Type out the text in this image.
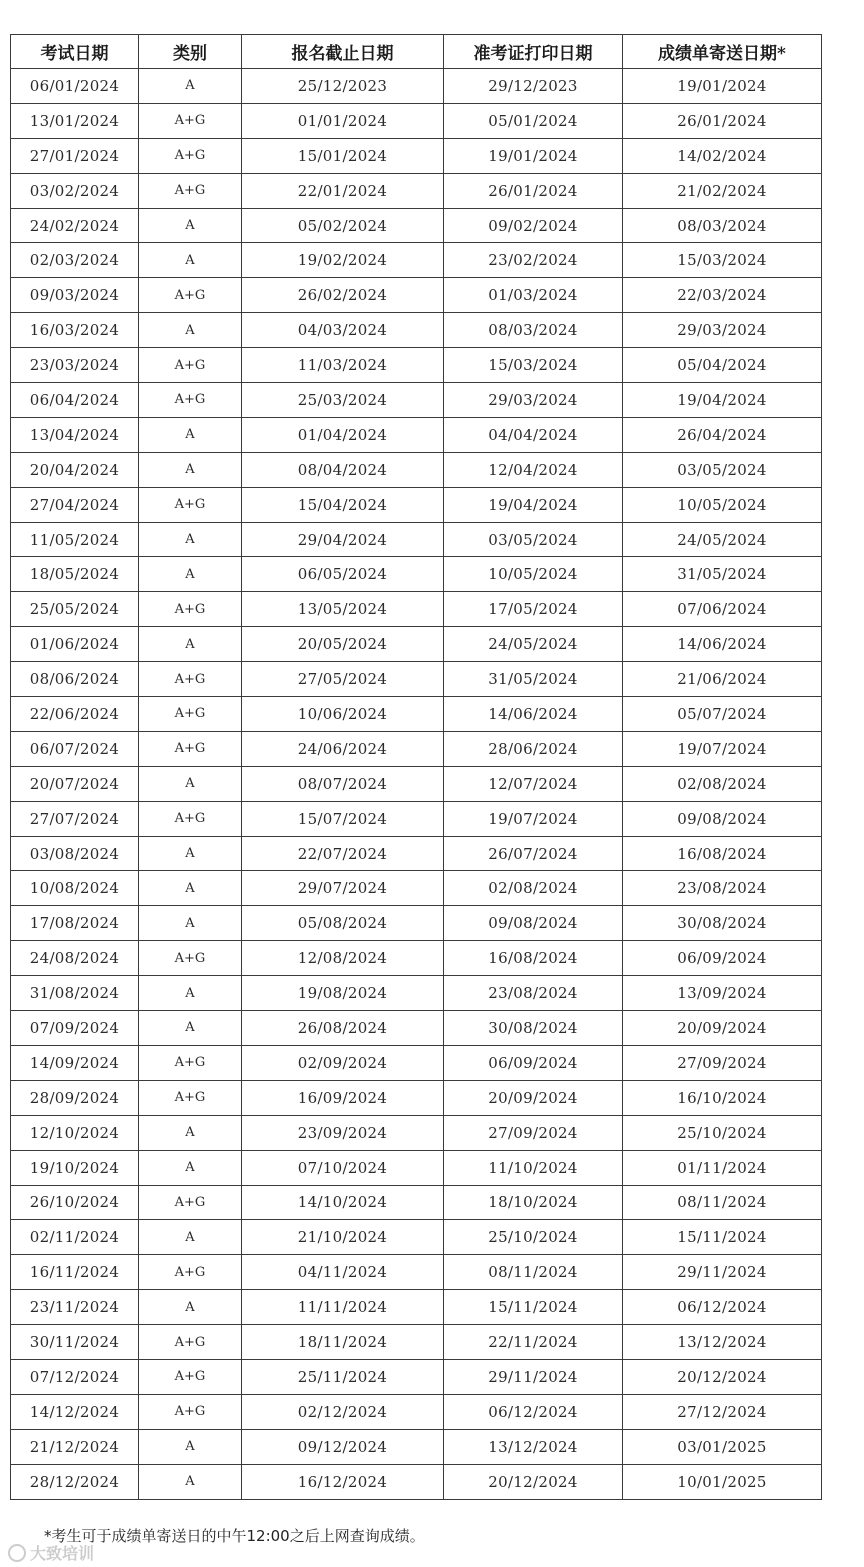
考试日期	类别	报名截止日期	准考证打印日期	成绩单寄送日期*
06/01/2024	A	25/12/2023	29/12/2023	19/01/2024
13/01/2024	A+G	01/01/2024	05/01/2024	26/01/2024
27/01/2024	A+G	15/01/2024	19/01/2024	14/02/2024
03/02/2024	A+G	22/01/2024	26/01/2024	21/02/2024
24/02/2024	A	05/02/2024	09/02/2024	08/03/2024
02/03/2024	A	19/02/2024	23/02/2024	15/03/2024
09/03/2024	A+G	26/02/2024	01/03/2024	22/03/2024
16/03/2024	A	04/03/2024	08/03/2024	29/03/2024
23/03/2024	A+G	11/03/2024	15/03/2024	05/04/2024
06/04/2024	A+G	25/03/2024	29/03/2024	19/04/2024
13/04/2024	A	01/04/2024	04/04/2024	26/04/2024
20/04/2024	A	08/04/2024	12/04/2024	03/05/2024
27/04/2024	A+G	15/04/2024	19/04/2024	10/05/2024
11/05/2024	A	29/04/2024	03/05/2024	24/05/2024
18/05/2024	A	06/05/2024	10/05/2024	31/05/2024
25/05/2024	A+G	13/05/2024	17/05/2024	07/06/2024
01/06/2024	A	20/05/2024	24/05/2024	14/06/2024
08/06/2024	A+G	27/05/2024	31/05/2024	21/06/2024
22/06/2024	A+G	10/06/2024	14/06/2024	05/07/2024
06/07/2024	A+G	24/06/2024	28/06/2024	19/07/2024
20/07/2024	A	08/07/2024	12/07/2024	02/08/2024
27/07/2024	A+G	15/07/2024	19/07/2024	09/08/2024
03/08/2024	A	22/07/2024	26/07/2024	16/08/2024
10/08/2024	A	29/07/2024	02/08/2024	23/08/2024
17/08/2024	A	05/08/2024	09/08/2024	30/08/2024
24/08/2024	A+G	12/08/2024	16/08/2024	06/09/2024
31/08/2024	A	19/08/2024	23/08/2024	13/09/2024
07/09/2024	A	26/08/2024	30/08/2024	20/09/2024
14/09/2024	A+G	02/09/2024	06/09/2024	27/09/2024
28/09/2024	A+G	16/09/2024	20/09/2024	16/10/2024
12/10/2024	A	23/09/2024	27/09/2024	25/10/2024
19/10/2024	A	07/10/2024	11/10/2024	01/11/2024
26/10/2024	A+G	14/10/2024	18/10/2024	08/11/2024
02/11/2024	A	21/10/2024	25/10/2024	15/11/2024
16/11/2024	A+G	04/11/2024	08/11/2024	29/11/2024
23/11/2024	A	11/11/2024	15/11/2024	06/12/2024
30/11/2024	A+G	18/11/2024	22/11/2024	13/12/2024
07/12/2024	A+G	25/11/2024	29/11/2024	20/12/2024
14/12/2024	A+G	02/12/2024	06/12/2024	27/12/2024
21/12/2024	A	09/12/2024	13/12/2024	03/01/2025
28/12/2024	A	16/12/2024	20/12/2024	10/01/2025
*考生可于成绩单寄送日的中午12:00之后上网查询成绩。
大致培训
